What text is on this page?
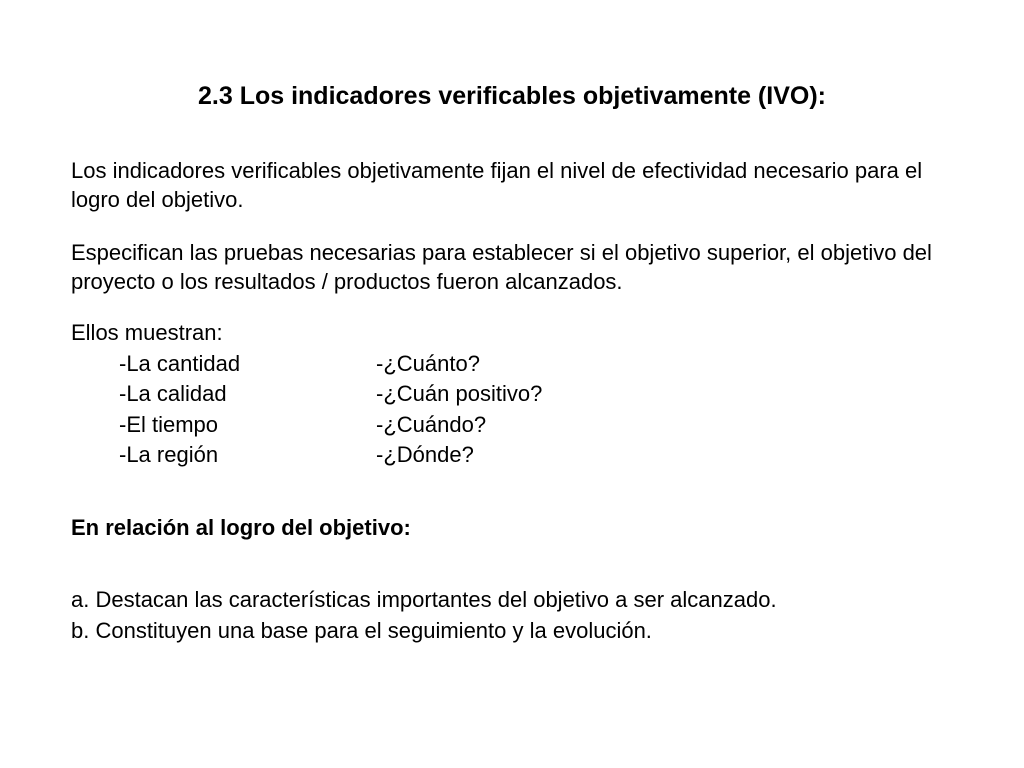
2.3 Los indicadores verificables objetivamente (IVO):

Los indicadores verificables objetivamente fijan el nivel de efectividad necesario para el logro del objetivo.

Especifican las pruebas necesarias para establecer si el objetivo superior, el objetivo del proyecto o los resultados / productos fueron alcanzados.

Ellos muestran:
-La cantidad	-¿Cuánto?
-La calidad	-¿Cuán positivo?
-El tiempo	-¿Cuándo?
-La región	-¿Dónde?

En relación al logro del objetivo:

a. Destacan las características importantes del objetivo a ser alcanzado.
b. Constituyen una base para el seguimiento y la evolución.
